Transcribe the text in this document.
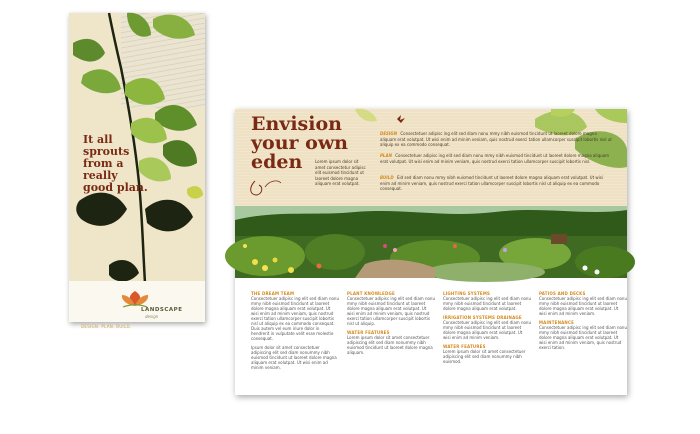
It all
sprouts
from a
really
good plan.
LANDSCAPE
design
DESIGN. PLAN. BUILD.
Envision
your own
eden	Lorem ipsum dolor sit
amet consectetur adipisc
elit euismod tincidunt ut
laoreet dolore magna
aliquam erat volutpat.
DESIGN Consectetuer adipisc ing elit sed diam nonu mmy nibh euismod tincidunt ut laoreet dolore magna aliquam erat volutpat. Ut wisi enim ad minim veniam, quis nostrud exerci tation ullamcorper suscipit lobortis nisl ut aliquip ex ea commodo consequat.
PLAN Consectetuer adipisc ing elit sed diam nonu mmy nibh euismod tincidunt ut laoreet dolore magna aliquam erat volutpat. Ut wisi enim ad minim veniam, quis nostrud exerci tation ullamcorper suscipit lobortis nisl.
BUILD Eid sed diam nonu mmy nibh euismod tincidunt ut laoreet dolore magna aliquam erat volutpat. Ut wisi enim ad minim veniam, quis nostrud exerci tation ullamcorper suscipit lobortis nisl ut aliquip ex ea commodo consequat.
THE DREAM TEAM
Consectetuer adipisc ing elit sed diam nonu mmy nibh euismod tincidunt ut laoreet dolore magna aliquam erat volutpat. Ut wisi enim ad minim veniam, quis nostrud exerci tation ullamcorper suscipit lobortis nisl ut aliquip ex ea commodo consequat. Duis autem vel eum iriure dolor in hendrerit in vulputate velit esse molestie consequat.
Ipsum dolor sit amet consectetuer adipiscing elit sed diam nonummy nibh euismod tincidunt ut laoreet dolore magna aliquam erat volutpat. Ut wisi enim ad minim veniam.
PLANT KNOWLEDGE
Consectetuer adipisc ing elit sed diam nonu mmy nibh euismod tincidunt ut laoreet dolore magna aliquam erat volutpat. Ut wisi enim ad minim veniam, quis nostrud exerci tation ullamcorper suscipit lobortis nisl ut aliquip.
WATER FEATURES
Lorem ipsum dolor sit amet consectetuer adipiscing elit sed diam nonummy nibh euismod tincidunt ut laoreet dolore magna aliquam.
LIGHTING SYSTEMS
Consectetuer adipisc ing elit sed diam nonu mmy nibh euismod tincidunt ut laoreet dolore magna aliquam erat volutpat.
IRRIGATION SYSTEMS DRAINAGE
Consectetuer adipisc ing elit sed diam nonu mmy nibh euismod tincidunt ut laoreet dolore magna aliquam erat volutpat. Ut wisi enim ad minim veniam.
WATER FEATURES
Lorem ipsum dolor sit amet consectetuer adipiscing elit sed diam nonummy nibh euismod.
PATIOS AND DECKS
Consectetuer adipisc ing elit sed diam nonu mmy nibh euismod tincidunt ut laoreet dolore magna aliquam erat volutpat. Ut wisi enim ad minim veniam.
MAINTENANCE
Consectetuer adipisc ing elit sed diam nonu mmy nibh euismod tincidunt ut laoreet dolore magna aliquam erat volutpat. Ut wisi enim ad minim veniam, quis nostrud exerci tation.
